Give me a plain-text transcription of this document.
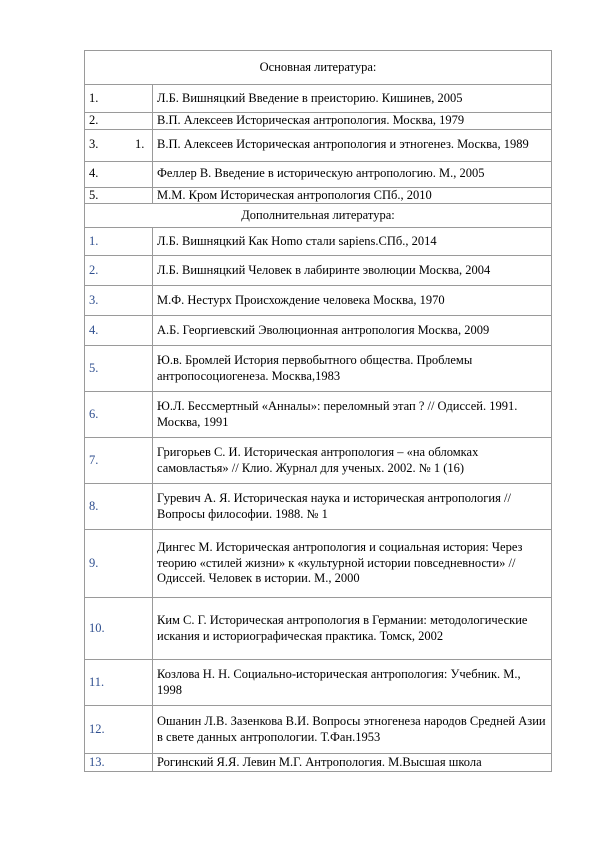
Основная литература:	
1.	Л.Б. Вишняцкий Введение в преисторию. Кишинев, 2005
2.	В.П. Алексеев Историческая антропология. Москва, 1979
3.	1. В.П. Алексеев Историческая антропология и этногенез. Москва, 1989
4.	Феллер В. Введение в историческую антропологию. М., 2005
5.	М.М. Кром Историческая антропология СПб., 2010
Дополнительная литература:	
1.	Л.Б. Вишняцкий Как Homo стали sapiens.СПб., 2014
2.	Л.Б. Вишняцкий Человек в лабиринте эволюции Москва, 2004
3.	М.Ф. Нестурх Происхождение человека Москва, 1970
4.	А.Б. Георгиевский Эволюционная антропология Москва, 2009
5.	Ю.в. Бромлей История первобытного общества. Проблемы антропосоциогенеза. Москва,1983
6.	Ю.Л. Бессмертный «Анналы»: переломный этап ? // Одиссей. 1991. Москва, 1991
7.	Григорьев С. И. Историческая антропология – «на обломках самовластья» // Клио. Журнал для ученых. 2002. № 1 (16)
8.	Гуревич А. Я. Историческая наука и историческая антропология // Вопросы философии. 1988. № 1
9.	Дингес М. Историческая антропология и социальная история: Через теорию «стилей жизни» к «культурной истории повседневности» // Одиссей. Человек в истории. М., 2000
10.	Ким С. Г. Историческая антропология в Германии: методологические искания и историографическая практика. Томск, 2002
11.	Козлова Н. Н. Социально-историческая антропология: Учебник. М., 1998
12.	Ошанин Л.В. Зазенкова В.И. Вопросы этногенеза народов Средней Азии в свете данных антропологии. Т.Фан.1953
13.	Рогинский Я.Я. Левин М.Г. Антропология. М.Высшая школа
